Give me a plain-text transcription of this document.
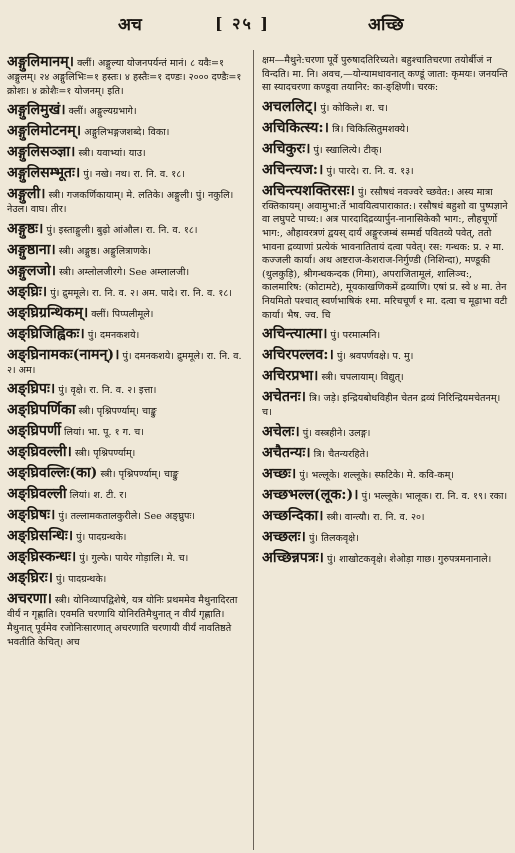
अच	[ २५ ]	अच्छि
अङ्गुलिमानम्। क्लीं। अङ्गुल्या योजनपर्यन्तं मानं। ८ यवैः=१ अङ्गुलम्। २४ अङ्गुलिभिः=१ हस्तः। ४ हस्तैः=१ दण्डः। २००० दण्डैः=१ क्रोशः। ४ क्रोशैः=१ योजनम्। इति।
अङ्गुलिमुखं। क्लीं। अङ्गुल्यग्रभागे।
अङ्गुलिमोटनम्। अङ्गुलिभङ्गजशब्दे। विका।
अङ्गुलिसञ्ज्ञा। स्त्री। यवाभ्यां। याउ।
अङ्गुलिसम्भूतः। पुं। नखे। नथ। रा. नि. व. १८।
अङ्गुली। स्त्री। गजकर्णिकायाम्। मे. लतिके। अङ्गुली। पुं। नकुलि। नेउल। वाघ। तीर।
अङ्गुष्ठः। पुं। इस्ताङ्गुली। बुढ़ो आंऔल। रा. नि. व. १८।
अङ्गुष्ठाना। स्त्री। अङ्गुष्ठ। अङ्गुलित्राणके।
अङ्गुलजो। स्त्री। अम्लोलजीरगे। See अम्लालजी।
अङ्घ्रिः। पुं। द्रुममूले। रा. नि. व. २। अम. पादे। रा. नि. व. १८।
अङ्घ्रिग्रन्थिकम्। क्लीं। पिप्पलीमूले।
अङ्घ्रिजिह्विकः। पुं। दमनकशये।
अङ्घ्रिनामकः(नामन्)। पुं। दमनकशये। द्रुममूले। रा. नि. व. २। अम।
अङ्घ्रिपः। पुं। वृक्षे। रा. नि. व. २। इत्ता।
अङ्घ्रिपर्णिका स्त्री। पृश्निपर्ण्याम्। चाङ्कु
अङ्घ्रिपर्णी लियां। भा. पू. १ ग. च।
अङ्घ्रिवल्ली। स्त्री। पृश्निपर्ण्याम्।
अङ्घ्रिवल्लिः(का) स्त्री। पृश्निपर्ण्याम्। चाङ्कु
अङ्घ्रिवल्ली लियां। श. टी. र।
अङ्घ्रिषः। पुं। तल्लामकतालकुरीले। See अङ्घ्रुपः।
अङ्घ्रिसन्धिः। पुं। पादग्रन्थके।
अङ्घ्रिस्कन्धः। पुं। गुल्फे। पायेर गोड़ालि। मे. च।
अङ्घ्रिरः। पुं। पादग्रन्थके।
अचरणा। स्त्री। योनिव्यापद्विशेषे, यत्र योनिः प्रथममेव मैथुनादिरता वीर्यं न गृह्णाति। एवमति चरणायि योनिरतिमैथुनात् न वीर्यं गृह्णाति। मैथुनात् पूर्वमेव रजोनिःसारणात् अचरणाति चरणायी वीर्यं नावतिष्ठते भवतीति केचित्। अच
क्षम—मैथुने:चरणा पूर्वे पुरुषादतिरिच्यते। बहुश्चातिचरणा तयोर्बीजं न विन्दति। मा. नि। अवच,—योन्यामधावनात् कण्डूं जाता: कृमयः। जनयन्ति सा स्यादचरणा कण्डूवा तयानिर: का-ङ्क्षिणी। चरक:
अचललिट्। पुं। कोकिले। श. च।
अचिकित्स्य:। त्रि। चिकित्सितुमशक्ये।
अचिकुरः। पुं। स्खालित्ये। टीक्।
अचिन्त्यज:। पुं। पारदे। रा. नि. व. १३।
अचिन्त्यशक्तिरसः। पुं। रसौषधं नवज्वरे च्छवेत:। अस्य मात्रा रक्तिकायम्। अवामुभा:र्ते भावयित्वपाराकात:। रसौषधं बहुशो वा पुष्पज्ञाने वा लघुपटे पाच्य:। अत्र पारदादिद्रव्यार्पुन-नानासिकेकौ भाग:, लौहचूर्णो भाग:, औहावरत्रणं द्वयस् दार्यं अङ्गुरजम्बं सम्मर्द्य पवितव्ये पवेत्, ततो भावना द्रव्याणां प्रत्येकं भावनातितायं दत्वा पवेत्। रस: गन्धक: प्र. २ मा. कज्जली कार्या। अथ अष्टराज-केशराज-निर्गुण्डी (निशिन्दा), मण्डूकी (थुलकुड़ि), श्रीगन्धकन्दक (गिमा), अपराजितामूलं, शालिञ्च:, कालमारिष: (कोटामटे), मूयकाखणिकमें द्रव्याणि। एषां प्र. स्वे ४ मा. तेन नियमितो पश्चात् स्वर्णभाषिकं १मा. मरिचचूर्णं १ मा. दत्वा च मूढ़ाभा वटी कार्या। भैष. ज्व. चि
अचिन्त्यात्मा। पुं। परमात्मनि।
अचिरपल्लव:। पुं। श्रवपर्णवक्षे। प. मु।
अचिरप्रभा। स्त्री। चपलायाम्। विद्युत्।
अचेतनः। त्रि। जड़े। इन्द्रियबोधविहीन चेतन द्रव्यं निरिन्द्रियमचेतनम्। च।
अचेलः। पुं। वस्त्रहीने। उलङ्ग।
अचैतन्यः। त्रि। चैतन्यरहिते।
अच्छः। पुं। भल्लूके। शल्लूके। स्फटिके। मे. कवि-कम्।
अच्छभल्ल(लूक:)। पुं। भल्लूके। भालूक। रा. नि. व. १९। रका।
अच्छन्दिका। स्त्री। वान्त्यौ। रा. नि. व. २०।
अच्छलः। पुं। तिलकवृक्षे।
अच्छिन्नपत्रः। पुं। शाखोटकवृक्षे। शेओड़ा गाछ। गुरुपत्रमनानाले।
